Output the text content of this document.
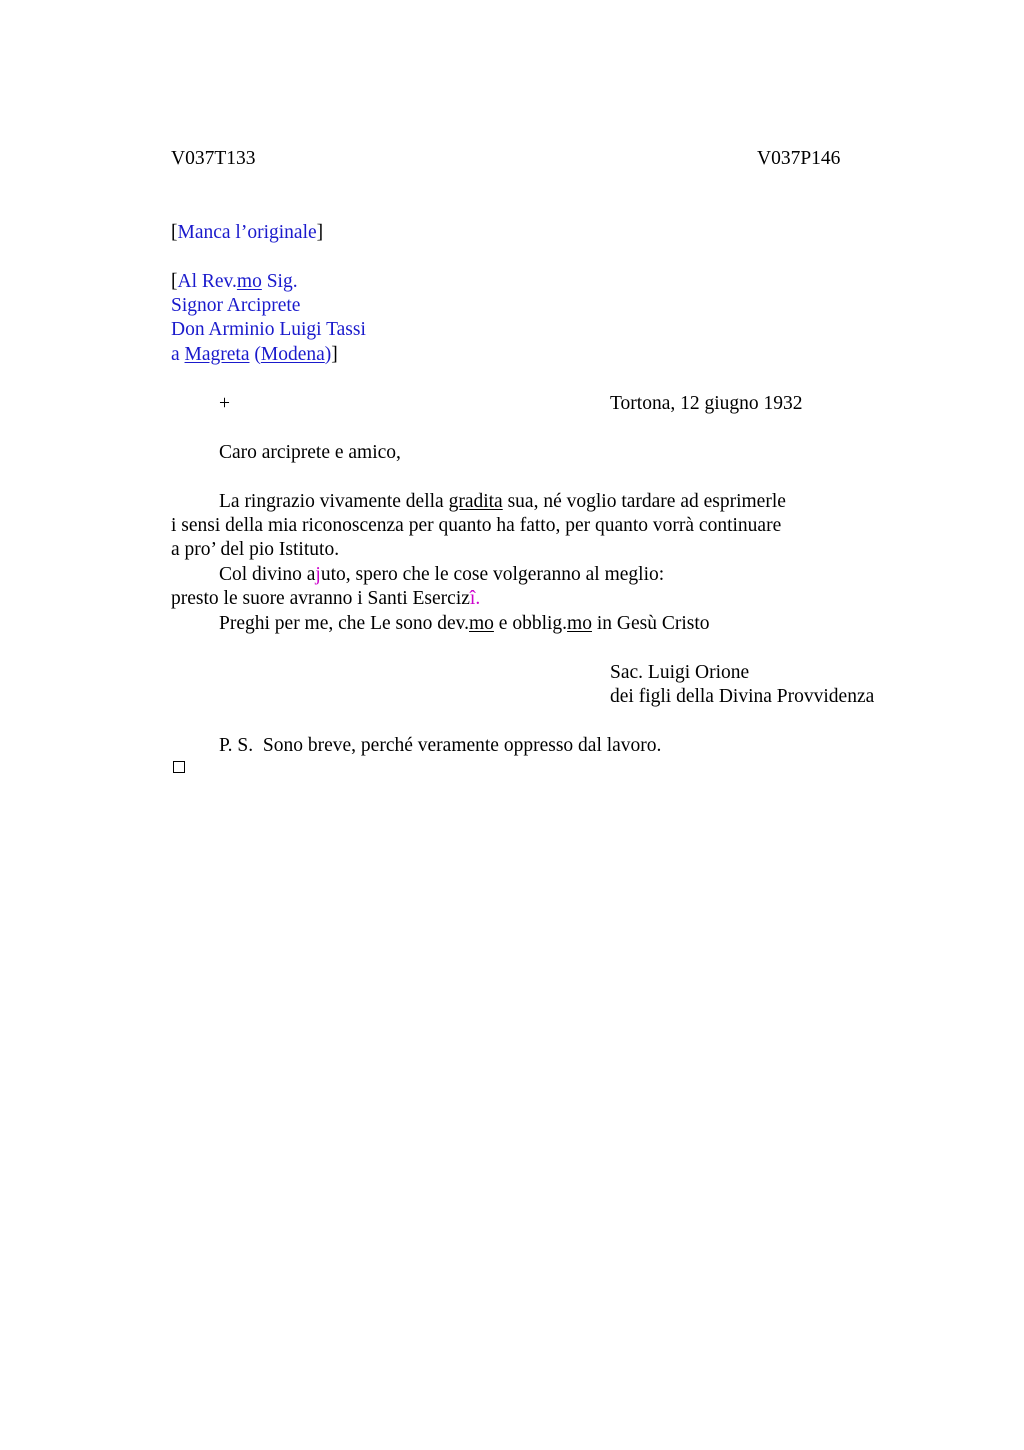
V037T133	V037P146
[Manca l’originale]
[Al Rev.mo Sig.
Signor Arciprete
Don Arminio Luigi Tassi
a Magreta (Modena)]
+	Tortona, 12 giugno 1932
Caro arciprete e amico,
La ringrazio vivamente della gradita sua, né voglio tardare ad esprimerle
i sensi della mia riconoscenza per quanto ha fatto, per quanto vorrà continuare
a pro’ del pio Istituto.
Col divino ajuto, spero che le cose volgeranno al meglio:
presto le suore avranno i Santi Esercizî.
Preghi per me, che Le sono dev.mo e obblig.mo in Gesù Cristo
Sac. Luigi Orione
dei figli della Divina Provvidenza
P. S.  Sono breve, perché veramente oppresso dal lavoro.
